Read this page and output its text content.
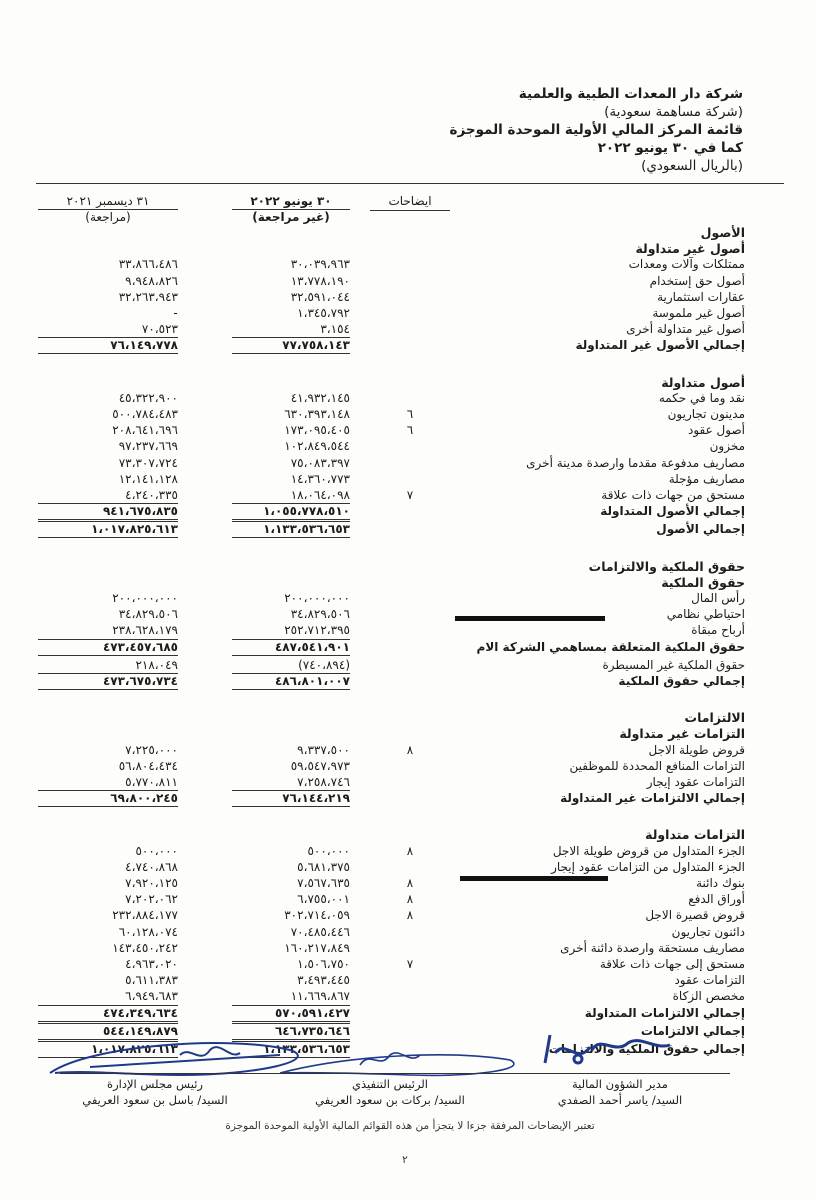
شركة دار المعدات الطبية والعلمية
(شركة مساهمة سعودية)
قائمة المركز المالي الأولية الموحدة الموجزة
كما في ٣٠ يونيو ٢٠٢٢
(بالريال السعودي)
ايضاحات
٣٠ يونيو ٢٠٢٢
(غير مراجعة)
٣١ ديسمبر ٢٠٢١
(مراجعة)
الأصول
أصول غير متداولة
ممتلكات وآلات ومعدات
٣٠،٠٣٩،٩٦٣
٣٣،٨٦٦،٤٨٦
أصول حق إستخدام
١٣،٧٧٨،١٩٠
٩،٩٤٨،٨٢٦
عقارات استثمارية
٣٢،٥٩١،٠٤٤
٣٢،٢٦٣،٩٤٣
أصول غير ملموسة
١،٣٤٥،٧٩٢
-
أصول غير متداولة أخرى
٣،١٥٤
٧٠،٥٢٣
إجمالي الأصول غير المتداولة
٧٧،٧٥٨،١٤٣
٧٦،١٤٩،٧٧٨
أصول متداولة
نقد وما في حكمه
٤١،٩٣٢،١٤٥
٤٥،٣٢٢،٩٠٠
مدينون تجاريون
٦
٦٣٠،٣٩٣،١٤٨
٥٠٠،٧٨٤،٤٨٣
أصول عقود
٦
١٧٣،٠٩٥،٤٠٥
٢٠٨،٦٤١،٦٩٦
مخزون
١٠٢،٨٤٩،٥٤٤
٩٧،٢٣٧،٦٦٩
مصاريف مدفوعة مقدما وارصدة مدينة أخرى
٧٥،٠٨٣،٣٩٧
٧٣،٣٠٧،٧٢٤
مصاريف مؤجلة
١٤،٣٦٠،٧٧٣
١٢،١٤١،١٢٨
مستحق من جهات ذات علاقة
٧
١٨،٠٦٤،٠٩٨
٤،٢٤٠،٣٣٥
إجمالي الأصول المتداولة
١،٠٥٥،٧٧٨،٥١٠
٩٤١،٦٧٥،٨٣٥
إجمالي الأصول
١،١٣٣،٥٣٦،٦٥٣
١،٠١٧،٨٢٥،٦١٣
حقوق الملكية والالتزامات
حقوق الملكية
رأس المال
٢٠٠،٠٠٠،٠٠٠
٢٠٠،٠٠٠،٠٠٠
احتياطي نظامي
٣٤،٨٢٩،٥٠٦
٣٤،٨٢٩،٥٠٦
أرباح مبقاة
٢٥٢،٧١٢،٣٩٥
٢٣٨،٦٢٨،١٧٩
حقوق الملكية المتعلقة بمساهمي الشركة الام
٤٨٧،٥٤١،٩٠١
٤٧٣،٤٥٧،٦٨٥
حقوق الملكية غير المسيطرة
(٧٤٠،٨٩٤)
٢١٨،٠٤٩
إجمالي حقوق الملكية
٤٨٦،٨٠١،٠٠٧
٤٧٣،٦٧٥،٧٣٤
الالتزامات
التزامات غير متداولة
قروض طويلة الاجل
٨
٩،٣٣٧،٥٠٠
٧،٢٢٥،٠٠٠
التزامات المنافع المحددة للموظفين
٥٩،٥٤٧،٩٧٣
٥٦،٨٠٤،٤٣٤
التزامات عقود إيجار
٧،٢٥٨،٧٤٦
٥،٧٧٠،٨١١
إجمالي الالتزامات غير المتداولة
٧٦،١٤٤،٢١٩
٦٩،٨٠٠،٢٤٥
التزامات متداولة
الجزء المتداول من قروض طويلة الاجل
٨
٥٠٠،٠٠٠
٥٠٠،٠٠٠
الجزء المتداول من التزامات عقود إيجار
٥،٦٨١،٣٧٥
٤،٧٤٠،٨٦٨
بنوك دائنة
٨
٧،٥٦٧،٦٣٥
٧،٩٢٠،١٢٥
أوراق الدفع
٨
٦،٧٥٥،٠٠١
٧،٢٠٢،٠٦٢
قروض قصيرة الاجل
٨
٣٠٢،٧١٤،٠٥٩
٢٣٢،٨٨٤،١٧٧
دائنون تجاريون
٧٠،٤٨٥،٤٤٦
٦٠،١٢٨،٠٧٤
مصاريف مستحقة وارصدة دائنة أخرى
١٦٠،٢١٧،٨٤٩
١٤٣،٤٥٠،٢٤٢
مستحق إلى جهات ذات علاقة
٧
١،٥٠٦،٧٥٠
٤،٩٦٣،٠٢٠
التزامات عقود
٣،٤٩٣،٤٤٥
٥،٦١١،٣٨٣
مخصص الزكاة
١١،٦٦٩،٨٦٧
٦،٩٤٩،٦٨٣
إجمالي الالتزامات المتداولة
٥٧٠،٥٩١،٤٢٧
٤٧٤،٣٤٩،٦٣٤
إجمالي الالتزامات
٦٤٦،٧٣٥،٦٤٦
٥٤٤،١٤٩،٨٧٩
إجمالي حقوق الملكية والالتزامات
١،١٣٣،٥٣٦،٦٥٣
١،٠١٧،٨٢٥،٦١٣
مدير الشؤون المالية
السيد/ ياسر أحمد الصفدي
الرئيس التنفيذي
السيد/ بركات بن سعود العريفي
رئيس مجلس الإدارة
السيد/ باسل بن سعود العريفي
تعتبر الإيضاحات المرفقة جزءا لا يتجزأ من هذه القوائم المالية الأولية الموحدة الموجزة
٢
